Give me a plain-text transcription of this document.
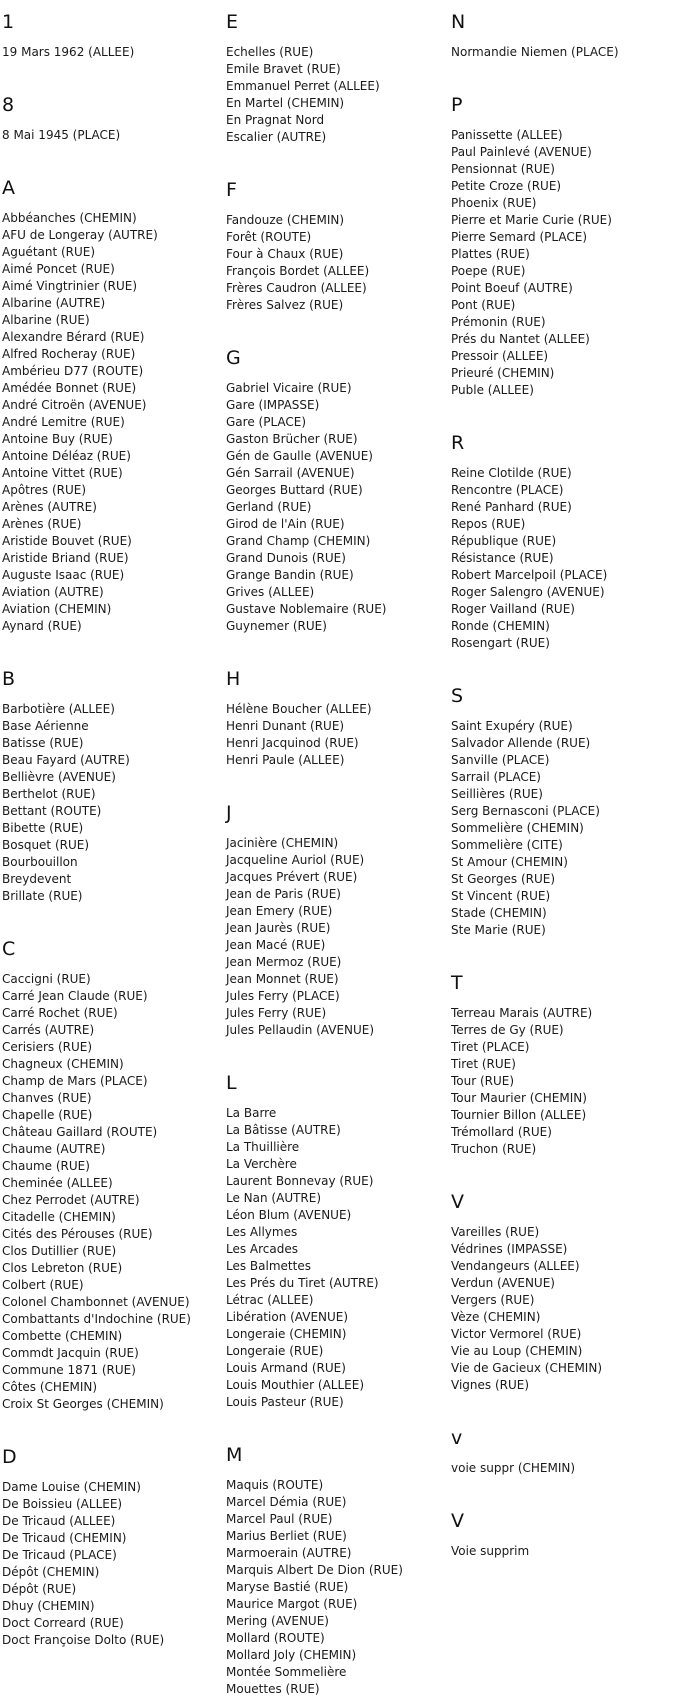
1
19 Mars 1962 (ALLEE)
8
8 Mai 1945 (PLACE)
A
Abbéanches (CHEMIN)
AFU de Longeray (AUTRE)
Aguétant (RUE)
Aimé Poncet (RUE)
Aimé Vingtrinier (RUE)
Albarine (AUTRE)
Albarine (RUE)
Alexandre Bérard (RUE)
Alfred Rocheray (RUE)
Ambérieu D77 (ROUTE)
Amédée Bonnet (RUE)
André Citroën (AVENUE)
André Lemitre (RUE)
Antoine Buy (RUE)
Antoine Déléaz (RUE)
Antoine Vittet (RUE)
Apôtres (RUE)
Arènes (AUTRE)
Arènes (RUE)
Aristide Bouvet (RUE)
Aristide Briand (RUE)
Auguste Isaac (RUE)
Aviation (AUTRE)
Aviation (CHEMIN)
Aynard (RUE)
B
Barbotière (ALLEE)
Base Aérienne
Batisse (RUE)
Beau Fayard (AUTRE)
Bellièvre (AVENUE)
Berthelot (RUE)
Bettant (ROUTE)
Bibette (RUE)
Bosquet (RUE)
Bourbouillon
Breydevent
Brillate (RUE)
C
Caccigni (RUE)
Carré Jean Claude (RUE)
Carré Rochet (RUE)
Carrés (AUTRE)
Cerisiers (RUE)
Chagneux (CHEMIN)
Champ de Mars (PLACE)
Chanves (RUE)
Chapelle (RUE)
Château Gaillard (ROUTE)
Chaume (AUTRE)
Chaume (RUE)
Cheminée (ALLEE)
Chez Perrodet (AUTRE)
Citadelle (CHEMIN)
Cités des Pérouses (RUE)
Clos Dutillier (RUE)
Clos Lebreton (RUE)
Colbert (RUE)
Colonel Chambonnet (AVENUE)
Combattants d'Indochine (RUE)
Combette (CHEMIN)
Commdt Jacquin (RUE)
Commune 1871 (RUE)
Côtes (CHEMIN)
Croix St Georges (CHEMIN)
D
Dame Louise (CHEMIN)
De Boissieu (ALLEE)
De Tricaud (ALLEE)
De Tricaud (CHEMIN)
De Tricaud (PLACE)
Dépôt (CHEMIN)
Dépôt (RUE)
Dhuy (CHEMIN)
Doct Correard (RUE)
Doct Françoise Dolto (RUE)
E
Echelles (RUE)
Emile Bravet (RUE)
Emmanuel Perret (ALLEE)
En Martel (CHEMIN)
En Pragnat Nord
Escalier (AUTRE)
F
Fandouze (CHEMIN)
Forêt (ROUTE)
Four à Chaux (RUE)
François Bordet (ALLEE)
Frères Caudron (ALLEE)
Frères Salvez (RUE)
G
Gabriel Vicaire (RUE)
Gare (IMPASSE)
Gare (PLACE)
Gaston Brücher (RUE)
Gén de Gaulle (AVENUE)
Gén Sarrail (AVENUE)
Georges Buttard (RUE)
Gerland (RUE)
Girod de l'Ain (RUE)
Grand Champ (CHEMIN)
Grand Dunois (RUE)
Grange Bandin (RUE)
Grives (ALLEE)
Gustave Noblemaire (RUE)
Guynemer (RUE)
H
Hélène Boucher (ALLEE)
Henri Dunant (RUE)
Henri Jacquinod (RUE)
Henri Paule (ALLEE)
J
Jacinière (CHEMIN)
Jacqueline Auriol (RUE)
Jacques Prévert (RUE)
Jean de Paris (RUE)
Jean Emery (RUE)
Jean Jaurès (RUE)
Jean Macé (RUE)
Jean Mermoz (RUE)
Jean Monnet (RUE)
Jules Ferry (PLACE)
Jules Ferry (RUE)
Jules Pellaudin (AVENUE)
L
La Barre
La Bâtisse (AUTRE)
La Thuillière
La Verchère
Laurent Bonnevay (RUE)
Le Nan (AUTRE)
Léon Blum (AVENUE)
Les Allymes
Les Arcades
Les Balmettes
Les Prés du Tiret (AUTRE)
Létrac (ALLEE)
Libération (AVENUE)
Longeraie (CHEMIN)
Longeraie (RUE)
Louis Armand (RUE)
Louis Mouthier (ALLEE)
Louis Pasteur (RUE)
M
Maquis (ROUTE)
Marcel Démia (RUE)
Marcel Paul (RUE)
Marius Berliet (RUE)
Marmoerain (AUTRE)
Marquis Albert De Dion (RUE)
Maryse Bastié (RUE)
Maurice Margot (RUE)
Mering (AVENUE)
Mollard (ROUTE)
Mollard Joly (CHEMIN)
Montée Sommelière
Mouettes (RUE)
N
Normandie Niemen (PLACE)
P
Panissette (ALLEE)
Paul Painlevé (AVENUE)
Pensionnat (RUE)
Petite Croze (RUE)
Phoenix (RUE)
Pierre et Marie Curie (RUE)
Pierre Semard (PLACE)
Plattes (RUE)
Poepe (RUE)
Point Boeuf (AUTRE)
Pont (RUE)
Prémonin (RUE)
Prés du Nantet (ALLEE)
Pressoir (ALLEE)
Prieuré (CHEMIN)
Puble (ALLEE)
R
Reine Clotilde (RUE)
Rencontre (PLACE)
René Panhard (RUE)
Repos (RUE)
République (RUE)
Résistance (RUE)
Robert Marcelpoil (PLACE)
Roger Salengro (AVENUE)
Roger Vailland (RUE)
Ronde (CHEMIN)
Rosengart (RUE)
S
Saint Exupéry (RUE)
Salvador Allende (RUE)
Sanville (PLACE)
Sarrail (PLACE)
Seillières (RUE)
Serg Bernasconi (PLACE)
Sommelière (CHEMIN)
Sommelière (CITE)
St Amour (CHEMIN)
St Georges (RUE)
St Vincent (RUE)
Stade (CHEMIN)
Ste Marie (RUE)
T
Terreau Marais (AUTRE)
Terres de Gy (RUE)
Tiret (PLACE)
Tiret (RUE)
Tour (RUE)
Tour Maurier (CHEMIN)
Tournier Billon (ALLEE)
Trémollard (RUE)
Truchon (RUE)
V
Vareilles (RUE)
Védrines (IMPASSE)
Vendangeurs (ALLEE)
Verdun (AVENUE)
Vergers (RUE)
Vèze (CHEMIN)
Victor Vermorel (RUE)
Vie au Loup (CHEMIN)
Vie de Gacieux (CHEMIN)
Vignes (RUE)
v
voie suppr (CHEMIN)
V
Voie supprim
